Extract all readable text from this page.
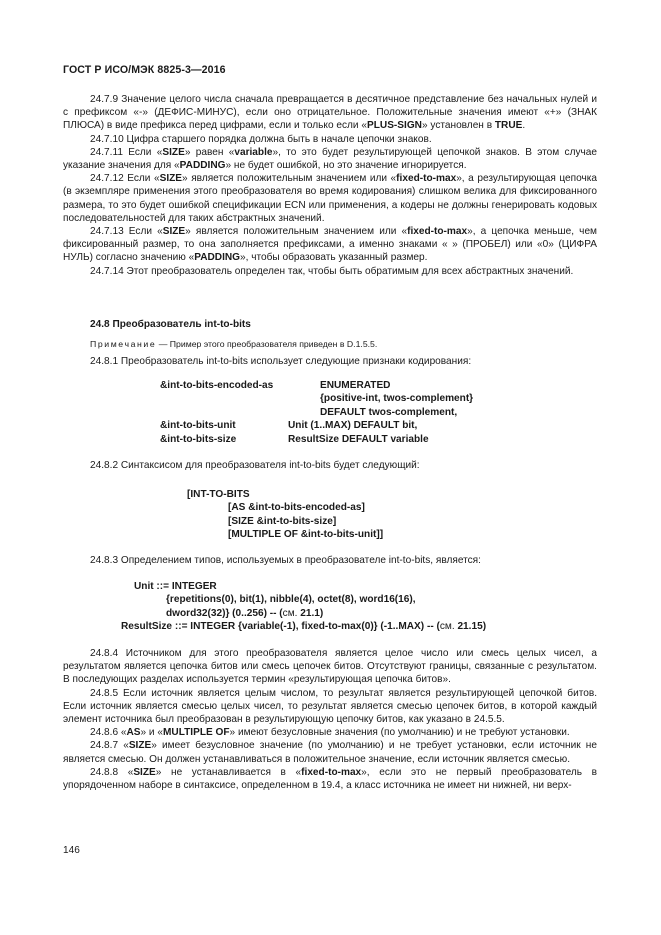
ГОСТ Р ИСО/МЭК 8825-3—2016

24.7.9 Значение целого числа сначала превращается в десятичное представление без начальных нулей и с префиксом «-» (ДЕФИС-МИНУС), если оно отрицательное. Положительные значения имеют «+» (ЗНАК ПЛЮСА) в виде префикса перед цифрами, если и только если «PLUS-SIGN» установлен в TRUE.

24.7.10 Цифра старшего порядка должна быть в начале цепочки знаков.

24.7.11 Если «SIZE» равен «variable», то это будет результирующей цепочкой знаков. В этом случае указание значения для «PADDING» не будет ошибкой, но это значение игнорируется.

24.7.12 Если «SIZE» является положительным значением или «fixed-to-max», а результирующая цепочка (в экземпляре применения этого преобразователя во время кодирования) слишком велика для фиксированного размера, то это будет ошибкой спецификации ECN или применения, а кодеры не должны генерировать кодовых последовательностей для таких абстрактных значений.

24.7.13 Если «SIZE» является положительным значением или «fixed-to-max», а цепочка меньше, чем фиксированный размер, то она заполняется префиксами, а именно знаками « » (ПРОБЕЛ) или «0» (ЦИФРА НУЛЬ) согласно значению «PADDING», чтобы образовать указанный размер.

24.7.14 Этот преобразователь определен так, чтобы быть обратимым для всех абстрактных значений.

24.8 Преобразователь int-to-bits
Примечание — Пример этого преобразователя приведен в D.1.5.5.
24.8.1 Преобразователь int-to-bits использует следующие признаки кодирования:
&int-to-bits-encoded-as	ENUMERATED
{positive-int, twos-complement}
DEFAULT twos-complement,
&int-to-bits-unit	Unit (1..MAX) DEFAULT bit,
&int-to-bits-size	ResultSize DEFAULT variable
24.8.2 Синтаксисом для преобразователя int-to-bits будет следующий:
[INT-TO-BITS
[AS &int-to-bits-encoded-as]
[SIZE &int-to-bits-size]
[MULTIPLE OF &int-to-bits-unit]]
24.8.3 Определением типов, используемых в преобразователе int-to-bits, является:
Unit ::= INTEGER
{repetitions(0), bit(1), nibble(4), octet(8), word16(16),
dword32(32)} (0..256) -- (см. 21.1)
ResultSize ::= INTEGER {variable(-1), fixed-to-max(0)} (-1..MAX) -- (см. 21.15)

24.8.4 Источником для этого преобразователя является целое число или смесь целых чисел, а результатом является цепочка битов или смесь цепочек битов. Отсутствуют границы, связанные с результатом. В последующих разделах используется термин «результирующая цепочка битов».

24.8.5 Если источник является целым числом, то результат является результирующей цепочкой битов. Если источник является смесью целых чисел, то результат является смесью цепочек битов, в которой каждый элемент источника был преобразован в результирующую цепочку битов, как указано в 24.5.5.

24.8.6 «AS» и «MULTIPLE OF» имеют безусловные значения (по умолчанию) и не требуют установки.

24.8.7 «SIZE» имеет безусловное значение (по умолчанию) и не требует установки, если источник не является смесью. Он должен устанавливаться в положительное значение, если источник является смесью.

24.8.8 «SIZE» не устанавливается в «fixed-to-max», если это не первый преобразователь в упорядоченном наборе в синтаксисе, определенном в 19.4, а класс источника не имеет ни нижней, ни верх-

146
